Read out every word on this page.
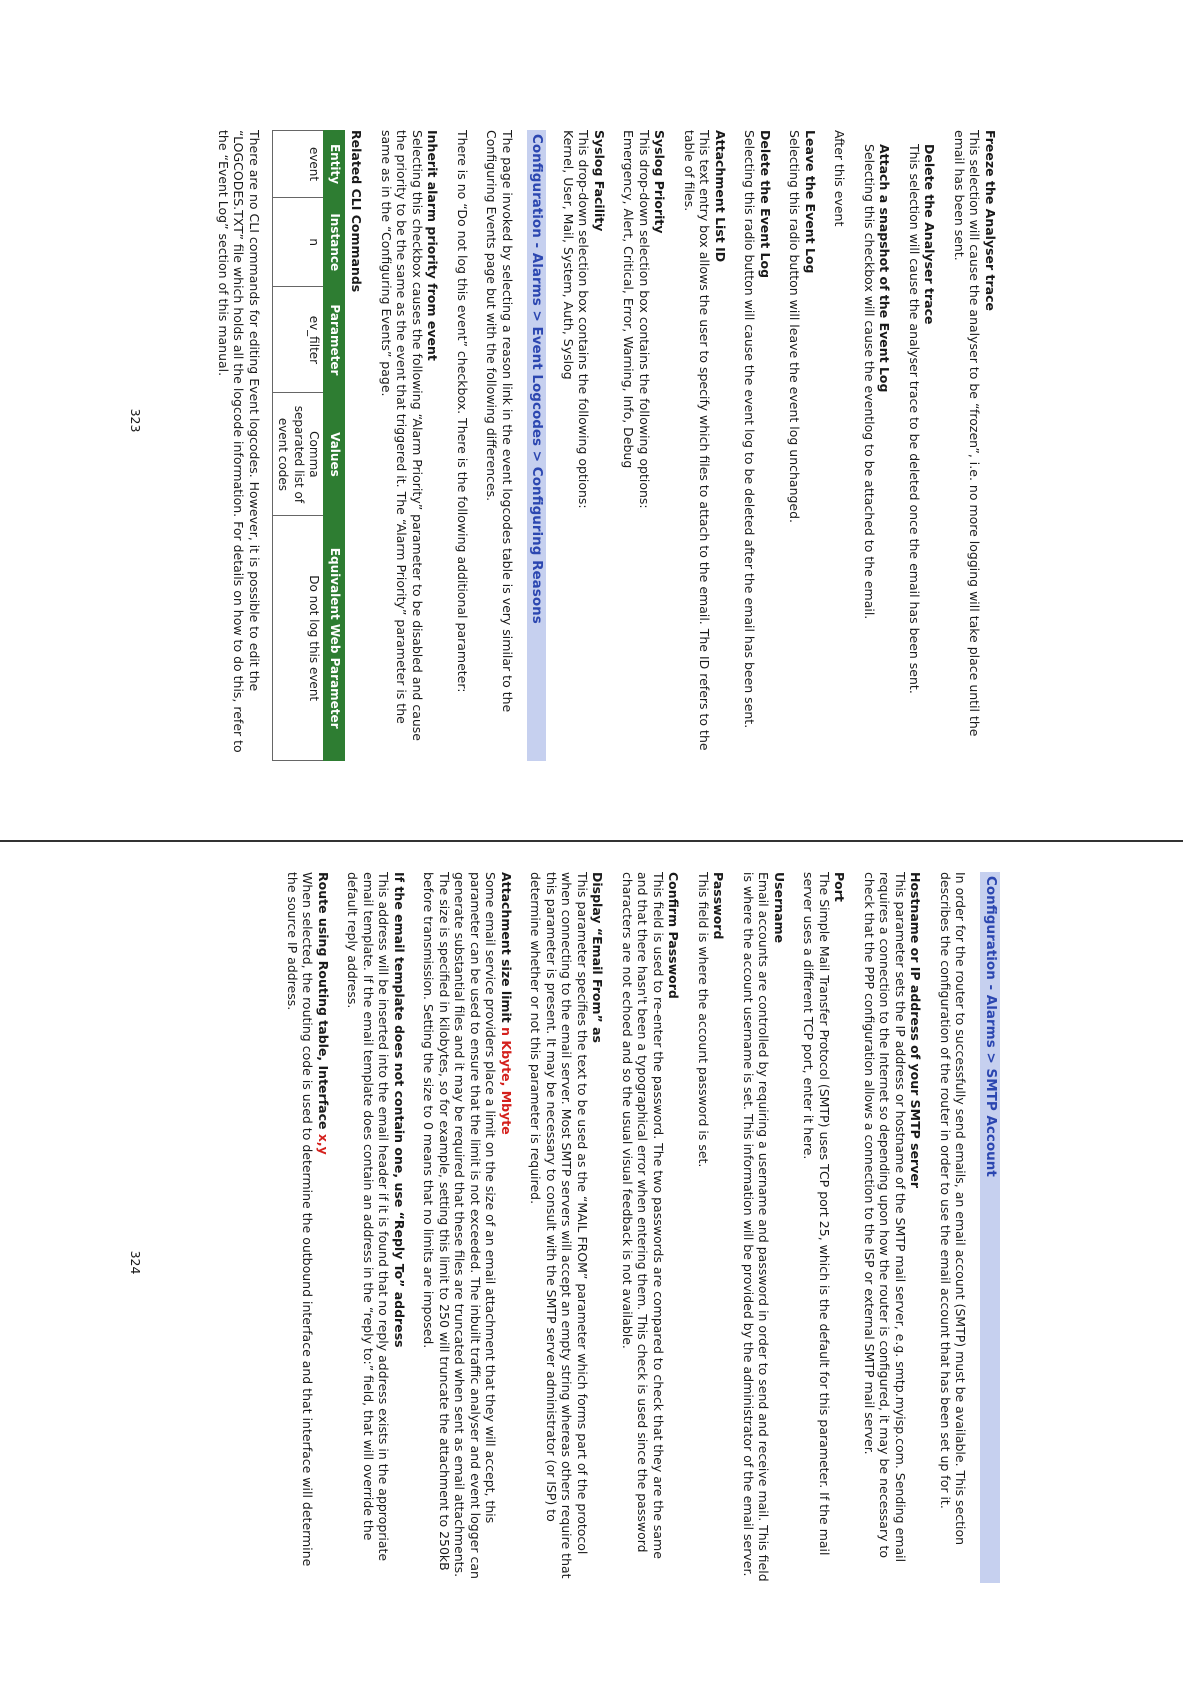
Freeze the Analyser trace
This selection will cause the analyser to be “frozen”, i.e. no more logging will take place until the email has been sent.

Delete the Analyser trace
This selection will cause the analyser trace to be deleted once the email has been sent.

Attach a snapshot of the Event Log
Selecting this checkbox will cause the eventlog to be attached to the email.

After this event

Leave the Event Log
Selecting this radio button will leave the event log unchanged.

Delete the Event Log
Selecting this radio button will cause the event log to be deleted after the email has been sent.

Attachment List ID
This text entry box allows the user to specify which files to attach to the email. The ID refers to the table of files.

Syslog Priority
This drop-down selection box contains the following options:
Emergency, Alert, Critical, Error, Warning, Info, Debug

Syslog Facility
This drop-down selection box contains the following options:
Kernel, User, Mail, System, Auth, Syslog

Configuration - Alarms > Event Logcodes > Configuring Reasons

The page invoked by selecting a reason link in the event logcodes table is very similar to the Configuring Events page but with the following differences.

There is no “Do not log this event” checkbox. There is the following additional parameter:

Inherit alarm priority from event
Selecting this checkbox causes the following “Alarm Priority” parameter to be disabled and cause the priority to be the same as the event that triggered it. The “Alarm Priority” parameter is the same as in the “Configuring Events” page.

Related CLI Commands

Entity	Instance	Parameter	Values	Equivalent Web Parameter
event	n	ev_filter	Comma separated list of event codes	Do not log this event

There are no CLI commands for editing Event logcodes. However, it is possible to edit the “LOGCODES.TXT” file which holds all the logcode information. For details on how to do this, refer to the “Event Log” section of this manual.

323
Configuration - Alarms > SMTP Account

In order for the router to successfully send emails, an email account (SMTP) must be available. This section describes the configuration of the router in order to use the email account that has been set up for it.

Hostname or IP address of your SMTP server
This parameter sets the IP address or hostname of the SMTP mail server, e.g. smtp.myisp.com. Sending email requires a connection to the Internet so depending upon how the router is configured, it may be necessary to check that the PPP configuration allows a connection to the ISP or external SMTP mail server.

Port
The Simple Mail Transfer Protocol (SMTP) uses TCP port 25, which is the default for this parameter. If the mail server uses a different TCP port, enter it here.

Username
Email accounts are controlled by requiring a username and password in order to send and receive mail. This field is where the account username is set. This information will be provided by the administrator of the email server.

Password
This field is where the account password is set.

Confirm Password
This field is used to re-enter the password. The two passwords are compared to check that they are the same and that there hasn't been a typographical error when entering them. This check is used since the password characters are not echoed and so the usual visual feedback is not available.

Display “Email From” as
This parameter specifies the text to be used as the “MAIL FROM” parameter which forms part of the protocol when connecting to the email server. Most SMTP servers will accept an empty string whereas others require that this parameter is present. It may be necessary to consult with the SMTP server administrator (or ISP) to determine whether or not this parameter is required.

Attachment size limit n Kbyte, Mbyte
Some email service providers place a limit on the size of an email attachment that they will accept, this parameter can be used to ensure that the limit is not exceeded. The inbuilt traffic analyser and event logger can generate substantial files and it may be required that these files are truncated when sent as email attachments. The size is specified in kilobytes, so for example, setting this limit to 250 will truncate the attachment to 250kB before transmission. Setting the size to 0 means that no limits are imposed.

If the email template does not contain one, use “Reply To” address
This address will be inserted into the email header if it is found that no reply address exists in the appropriate email template. If the email template does contain an address in the “reply to:” field, that will override the default reply address.

Route using Routing table, Interface x,y
When selected, the routing code is used to determine the outbound interface and that interface will determine the source IP address.

324
